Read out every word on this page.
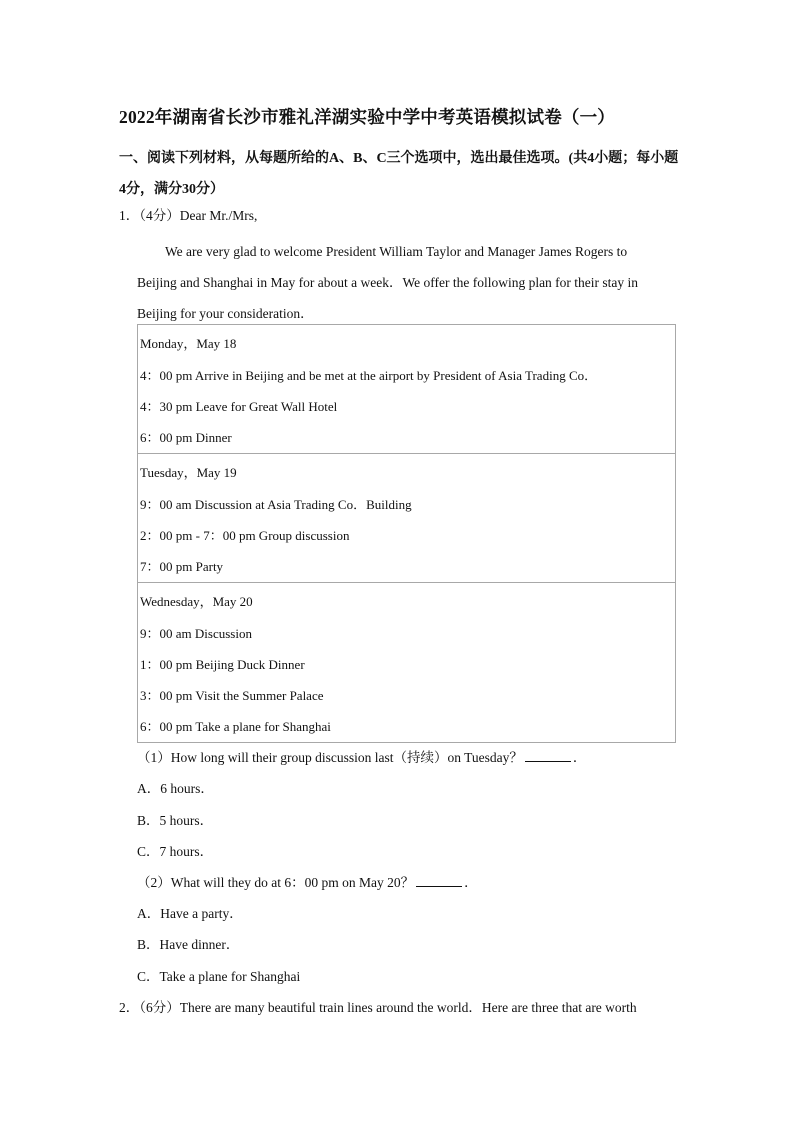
2022年湖南省长沙市雅礼洋湖实验中学中考英语模拟试卷（一）
一、阅读下列材料，从每题所给的A、B、C三个选项中，选出最佳选项。(共4小题；每小题4分，满分30分）
1．（4分）Dear Mr./Mrs,
We are very glad to welcome President William Taylor and Manager James Rogers to
Beijing and Shanghai in May for about a week．We offer the following plan for their stay in
Beijing for your consideration．
Monday，May 18
4：00 pm Arrive in Beijing and be met at the airport by President of Asia Trading Co．
4：30 pm Leave for Great Wall Hotel
6：00 pm Dinner

Tuesday，May 19
9：00 am Discussion at Asia Trading Co．Building
2：00 pm - 7：00 pm Group discussion
7：00 pm Party

Wednesday，May 20
9：00 am Discussion
1：00 pm Beijing Duck Dinner
3：00 pm Visit the Summer Palace
6：00 pm Take a plane for Shanghai
（1）How long will their group discussion last（持续）on Tuesday？	．
A．6 hours．
B．5 hours．
C．7 hours．
（2）What will they do at 6：00 pm on May 20？	．
A．Have a party．
B．Have dinner．
C．Take a plane for Shanghai
2．（6分）There are many beautiful train lines around the world．Here are three that are worth
